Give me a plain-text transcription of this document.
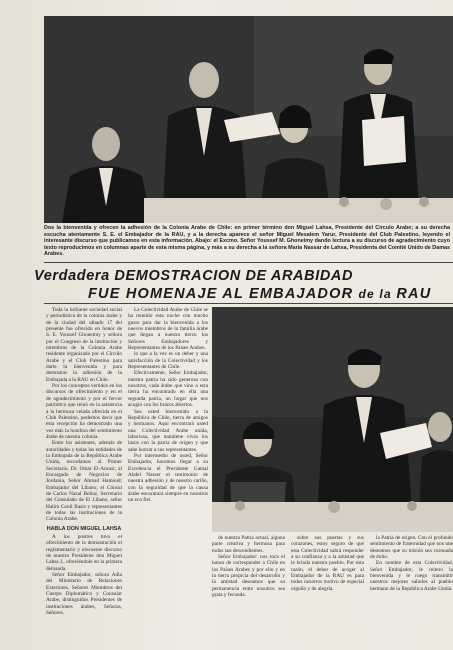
Dos la bienvenida y ofrecen la adhesión de la Colonia Arabe de Chile: en primer término don Miguel Lahsa, Presidente del Círculo Arabe; a su derecha escucha atentamente S. E. el Embajador de la RAU, y a la derecha aparece el señor Miguel Mesalem Yarur, Presidente del Club Palestino, leyendo el interesante discurso que publicamos en esta información. Abajo: el Excmo. Señor Youssef M. Ghoneimy dando lectura a su discurso de agradecimiento cuyo texto reproducimos en columnas aparte de esta misma página, y más a su derecha a la señora María Nassar de Lahsa, Presidenta del Comité Unido de Damas Arabes.
Verdadera DEMOSTRACION DE ARABIDAD
FUE HOMENAJE AL EMBAJADOR de la RAU

Toda la brillante sociedad social y periodística de la colonia árabe y de la ciudad del sábado 17 del presente fue ofrecido en honor de S. E. Youssef Ghoneimy y señora por el Congreso de la institución y miembros de la Colonia Arabe residente organizado por el Círculo Arabe y el Club Palestino para darle la bienvenida y para demostrar la adhesión de la Embajada a la RAU en Chile.

Por los conceptos vertidos en los discursos de ofrecimiento y en el de agradecimiento y por el fervor patriótico que reinó en la asistencia a la hermosa velada ofrecida en el Club Palestino, podemos decir que esta recepción ha demostrado una vez más la hondura del sentimiento árabe de nuestra colonia.

Entre los asistentes, además de autoridades y todas las entidades de la Embajada de la República Arabe Unida, recordamos al Primer Secretario, Dr. Omar El-Arousi; al Encargado de Negocios de Jordania, Señor Ahmad Hamoud; Embajador del Líbano; el Cónsul de Carlos Nazal Bellaz, Secretario del Consulado de El Líbano, señor Halim Conil Basis y representantes de todas las instituciones de la Colonia Arabe.

HABLA DON MIGUEL LAHSA

A los postres tuvo el ofrecimiento de la demostración el reglamentario y elocuente discurso de nuestro Presidente don Miguel Lahsa J., ofreciéndole en la primera demanda.

Señor Embajador, señora Adla del Ministerio de Relaciones Exteriores, Señores Miembros del Cuerpo Diplomático y Consular Arabe, distinguidos Presidentes de instituciones árabes, Señoras, Señores.

La Colectividad Arabe de Chile se ha reunido esta noche con mucho gusto para dar la bienvenida a los nuevos miembros de la familia árabe que llegan a nuestra tierra: los Señores Embajadores y Representantes de los Países Arabes.

lo que a la vez es un deber y una satisfacción de la Colectividad y los Representantes de Chile.

Efectivamente, Señor Embajador, nuestra patria ha sido generosa con nosotros, cada árabe que vino a esta tierra ha encontrado en ella una segunda patria, un hogar que nos acogió con los brazos abiertos.

Sea usted bienvenido a la República de Chile, tierra de amigos y hermanos. Aquí encontrará usted una Colectividad Arabe unida, laboriosa, que mantiene vivos los lazos con la patria de origen y que sabe honrar a sus representantes.

Por intermedio de usted, Señor Embajador, hacemos llegar a su Excelencia el Presidente Gamal Abdel Nasser el testimonio de nuestra adhesión y de nuestro cariño, con la seguridad de que la causa árabe encontrará siempre en nosotros un eco fiel.

de nuestra Patria actual, alguna parte creativa y hermosa para todos sus descendientes.

Señor Embajador: nos toca el honor de corresponder a Chile en los Países Arabes y por ello y en la tierra propicia del desarrollo y la amistad deseamos que su permanencia entre nosotros sea grata y fecunda.

sobre sus puertas y sus corazones, estoy seguro de que esta Colectividad sabrá responder a su confianza y a la amistad que le brinda nuestro pueblo. Por esta razón, el deber de acoger al Embajador de la RAU es para todos nosotros motivo de especial orgullo y de alegría.

la Patria de origen. Con el profundo sentimiento de fraternidad que nos une deseamos que su misión sea coronada de éxito.

En nombre de esta Colectividad, Señor Embajador, le reitero la bienvenida y le ruego transmitir nuestros mejores saludos al pueblo hermano de la República Arabe Unida.
